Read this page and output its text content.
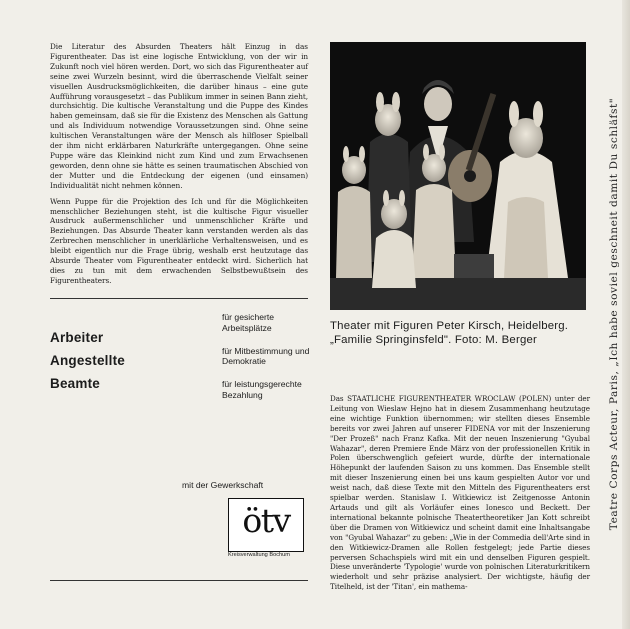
Die Literatur des Absurden Theaters hält Einzug in das Figurentheater. Das ist eine logische Entwicklung, von der wir in Zukunft noch viel hören werden. Dort, wo sich das Figurentheater auf seine zwei Wurzeln besinnt, wird die überraschende Vielfalt seiner visuellen Ausdrucksmöglichkeiten, die darüber hinaus – eine gute Aufführung vorausgesetzt – das Publikum immer in seinen Bann zieht, durchsichtig. Die kultische Veranstaltung und die Puppe des Kindes haben gemeinsam, daß sie für die Existenz des Menschen als Gattung und als Individuum notwendige Voraussetzungen sind. Ohne seine kultischen Veranstaltungen wäre der Mensch als hilfloser Spielball der ihm nicht erklärbaren Naturkräfte untergegangen. Ohne seine Puppe wäre das Kleinkind nicht zum Kind und zum Erwachsenen geworden, denn ohne sie hätte es seinen traumatischen Abschied von der Mutter und die Entdeckung der eigenen (und einsamen) Individualität nicht nehmen können.

Wenn Puppe für die Projektion des Ich und für die Möglichkeiten menschlicher Beziehungen steht, ist die kultische Figur visueller Ausdruck außermenschlicher und unmenschlicher Kräfte und Beziehungen. Das Absurde Theater kann verstanden werden als das Zerbrechen menschlicher in unerklärliche Verhaltensweisen, und es bleibt eigentlich nur die Frage übrig, weshalb erst heutzutage das Absurde Theater vom Figurentheater entdeckt wird. Sicherlich hat dies zu tun mit dem erwachenden Selbstbewußtsein des Figurentheaters.

Arbeiter
Angestellte
Beamte
für gesicherte Arbeitsplätze
für Mitbestimmung und Demokratie
für leistungsgerechte Bezahlung
mit der Gewerkschaft
ötv
Kreisverwaltung Bochum
Theater mit Figuren Peter Kirsch, Heidelberg. „Familie Springinsfeld". Foto: M. Berger
Das STAATLICHE FIGURENTHEATER WROCLAW (POLEN) unter der Leitung von Wieslaw Hejno hat in diesem Zusammenhang heutzutage eine wichtige Funktion übernommen; wir stellten dieses Ensemble bereits vor zwei Jahren auf unserer FIDENA vor mit der Inszenierung "Der Prozeß" nach Franz Kafka. Mit der neuen Inszenierung "Gyubal Wahazar", deren Premiere Ende März von der professionellen Kritik in Polen überschwenglich gefeiert wurde, dürfte der internationale Höhepunkt der laufenden Saison zu uns kommen. Das Ensemble stellt mit dieser Inszenierung einen bei uns kaum gespielten Autor vor und weist nach, daß diese Texte mit den Mitteln des Figurentheaters erst spielbar werden. Stanislaw I. Witkiewicz ist Zeitgenosse Antonin Artauds und gilt als Vorläufer eines Ionesco und Beckett. Der international bekannte polnische Theatertheoretiker Jan Kott schreibt über die Dramen von Witkiewicz und scheint damit eine Inhaltsangabe von "Gyubal Wahazar" zu geben: „Wie in der Commedia dell'Arte sind in den Witkiewicz-Dramen alle Rollen festgelegt; jede Partie dieses perversen Schachspiels wird mit ein und denselben Figuren gespielt. Diese unveränderte 'Typologie' wurde von polnischen Literaturkritikern wiederholt und sehr präzise analysiert. Der wichtigste, häufig der Titelheld, ist der 'Titan', ein mathema-
Teatre Corps Acteur, Paris, „Ich habe soviel geschneit damit Du schläfst"
